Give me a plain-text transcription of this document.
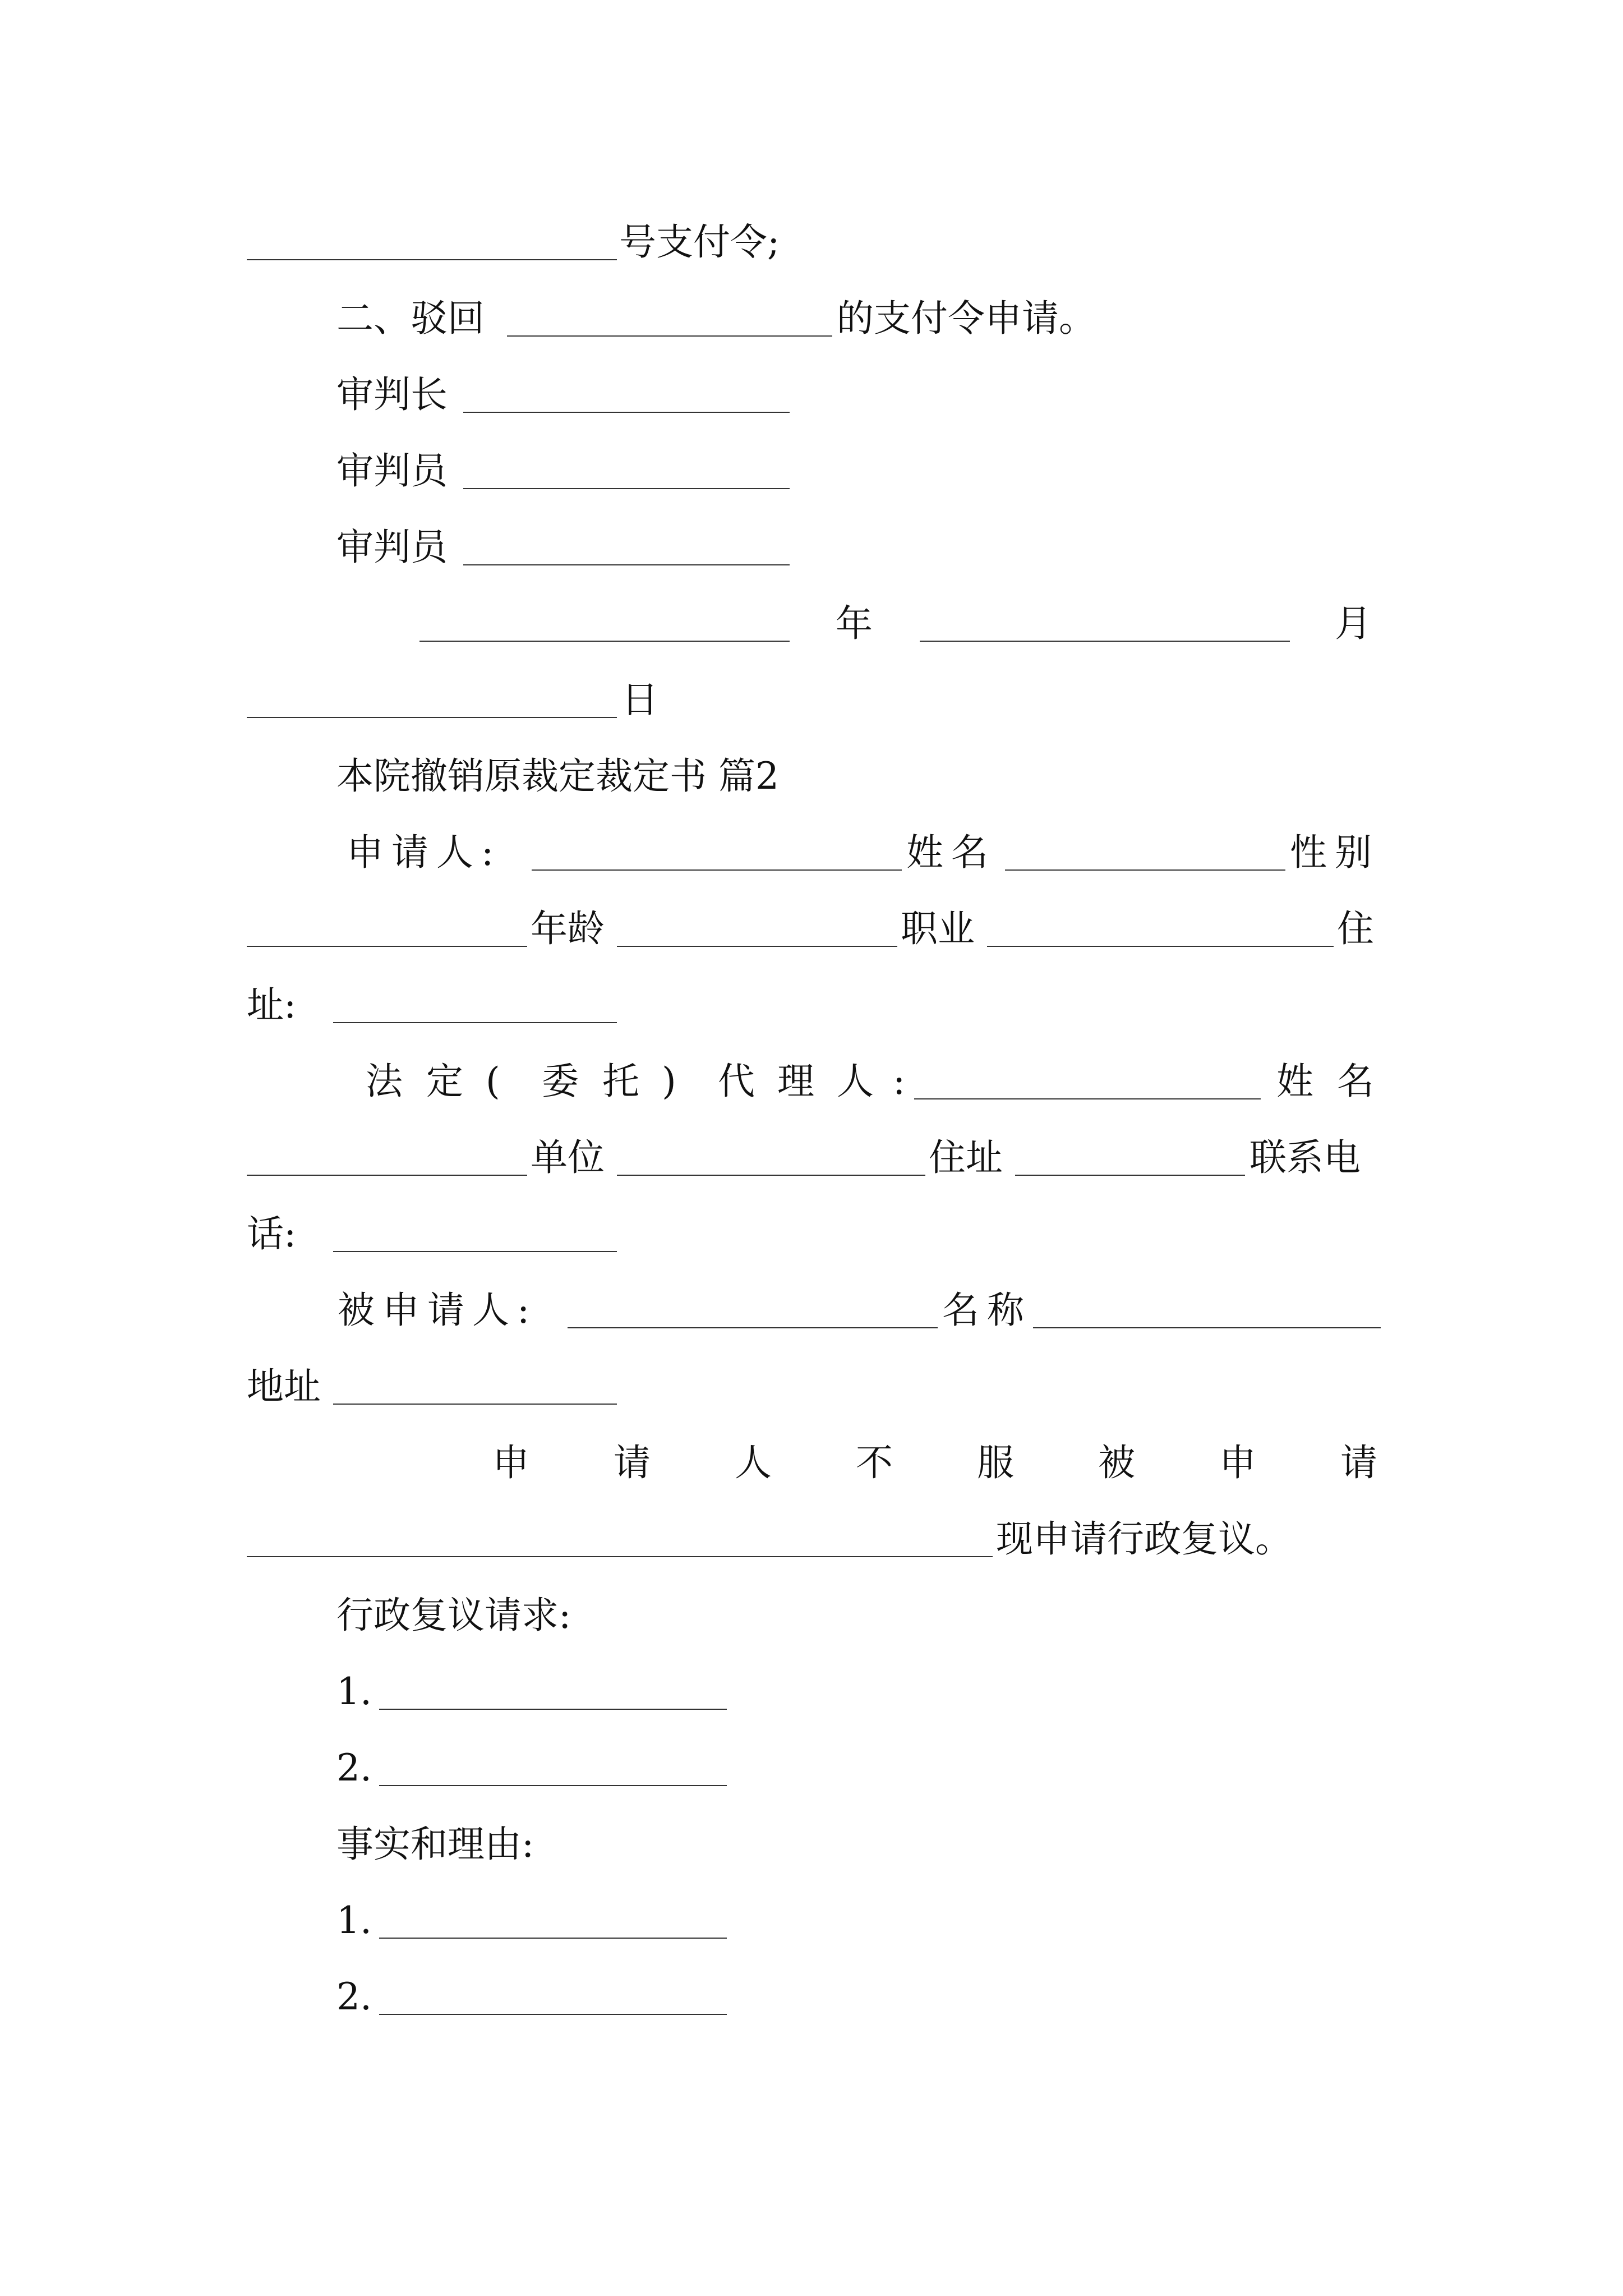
号支付令;
二、驳回	的支付令申请。
审判长
审判员
审判员
年	月
日
本院撤销原裁定裁定书 篇2
申请人:	姓名	性别
年龄	职业	住
址:
法 定 ( 委 托 ) 代 理 人 :	姓 名
单位	住址	联系电
话:
被申请人:	名称
地址
申 请 人 不 服 被 申 请
现申请行政复议。
行政复议请求:
1.
2.
事实和理由:
1.
2.
